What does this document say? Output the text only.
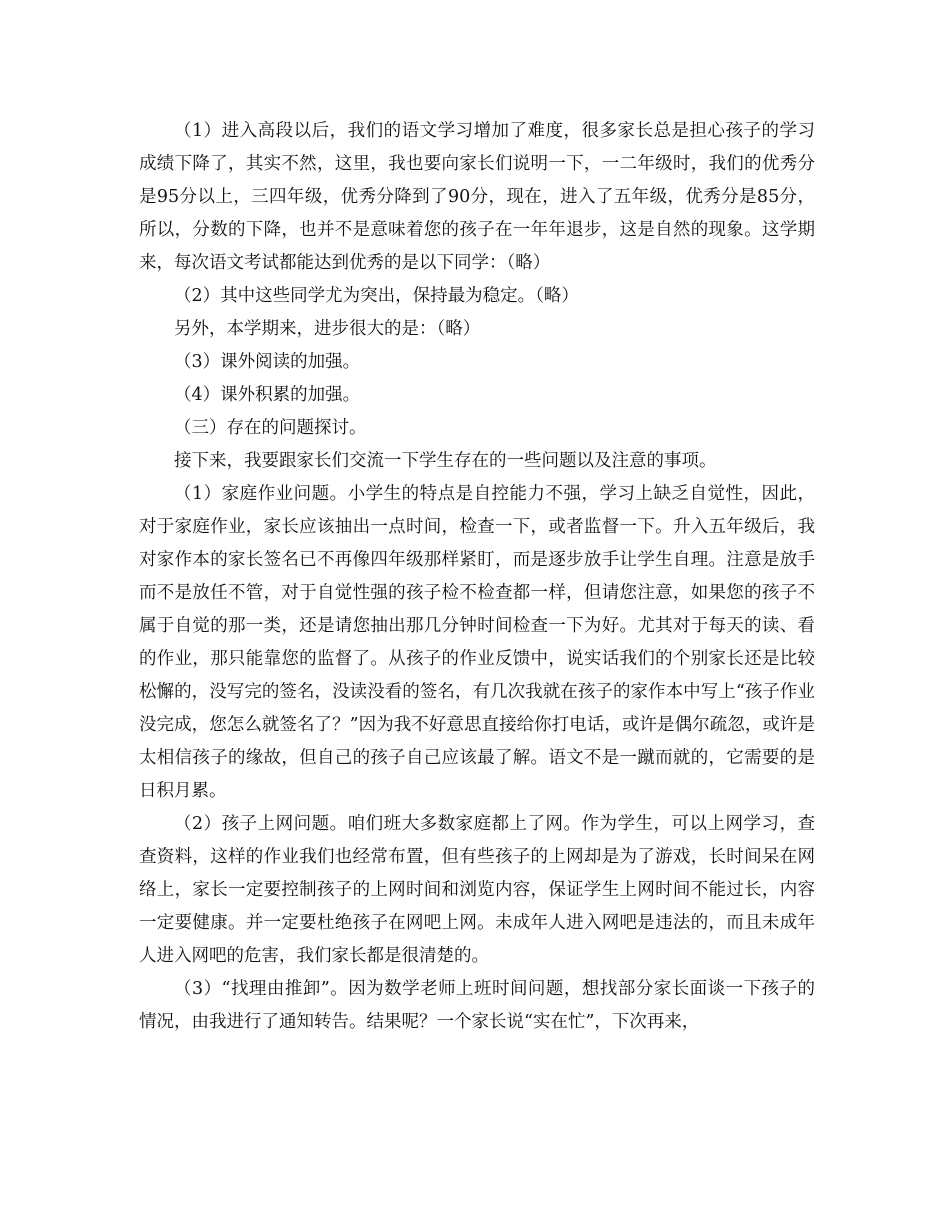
（1）进入高段以后，我们的语文学习增加了难度，很多家长总是担心孩子的学习成绩下降了，其实不然，这里，我也要向家长们说明一下，一二年级时，我们的优秀分是95分以上，三四年级，优秀分降到了90分，现在，进入了五年级，优秀分是85分，所以，分数的下降，也并不是意味着您的孩子在一年年退步，这是自然的现象。这学期来，每次语文考试都能达到优秀的是以下同学：（略）

（2）其中这些同学尤为突出，保持最为稳定。（略）

另外，本学期来，进步很大的是：（略）

（3）课外阅读的加强。

（4）课外积累的加强。

（三）存在的问题探讨。

接下来，我要跟家长们交流一下学生存在的一些问题以及注意的事项。

（1）家庭作业问题。小学生的特点是自控能力不强，学习上缺乏自觉性，因此，对于家庭作业，家长应该抽出一点时间，检查一下，或者监督一下。升入五年级后，我对家作本的家长签名已不再像四年级那样紧盯，而是逐步放手让学生自理。注意是放手而不是放任不管，对于自觉性强的孩子检不检查都一样，但请您注意，如果您的孩子不属于自觉的那一类，还是请您抽出那几分钟时间检查一下为好。尤其对于每天的读、看的作业，那只能靠您的监督了。从孩子的作业反馈中，说实话我们的个别家长还是比较松懈的，没写完的签名，没读没看的签名，有几次我就在孩子的家作本中写上“孩子作业没完成，您怎么就签名了？”因为我不好意思直接给你打电话，或许是偶尔疏忽，或许是太相信孩子的缘故，但自己的孩子自己应该最了解。语文不是一蹴而就的，它需要的是日积月累。

（2）孩子上网问题。咱们班大多数家庭都上了网。作为学生，可以上网学习，查查资料，这样的作业我们也经常布置，但有些孩子的上网却是为了游戏，长时间呆在网络上，家长一定要控制孩子的上网时间和浏览内容，保证学生上网时间不能过长，内容一定要健康。并一定要杜绝孩子在网吧上网。未成年人进入网吧是违法的，而且未成年人进入网吧的危害，我们家长都是很清楚的。

（3）“找理由推卸”。因为数学老师上班时间问题，想找部分家长面谈一下孩子的情况，由我进行了通知转告。结果呢？一个家长说“实在忙”，下次再来，
